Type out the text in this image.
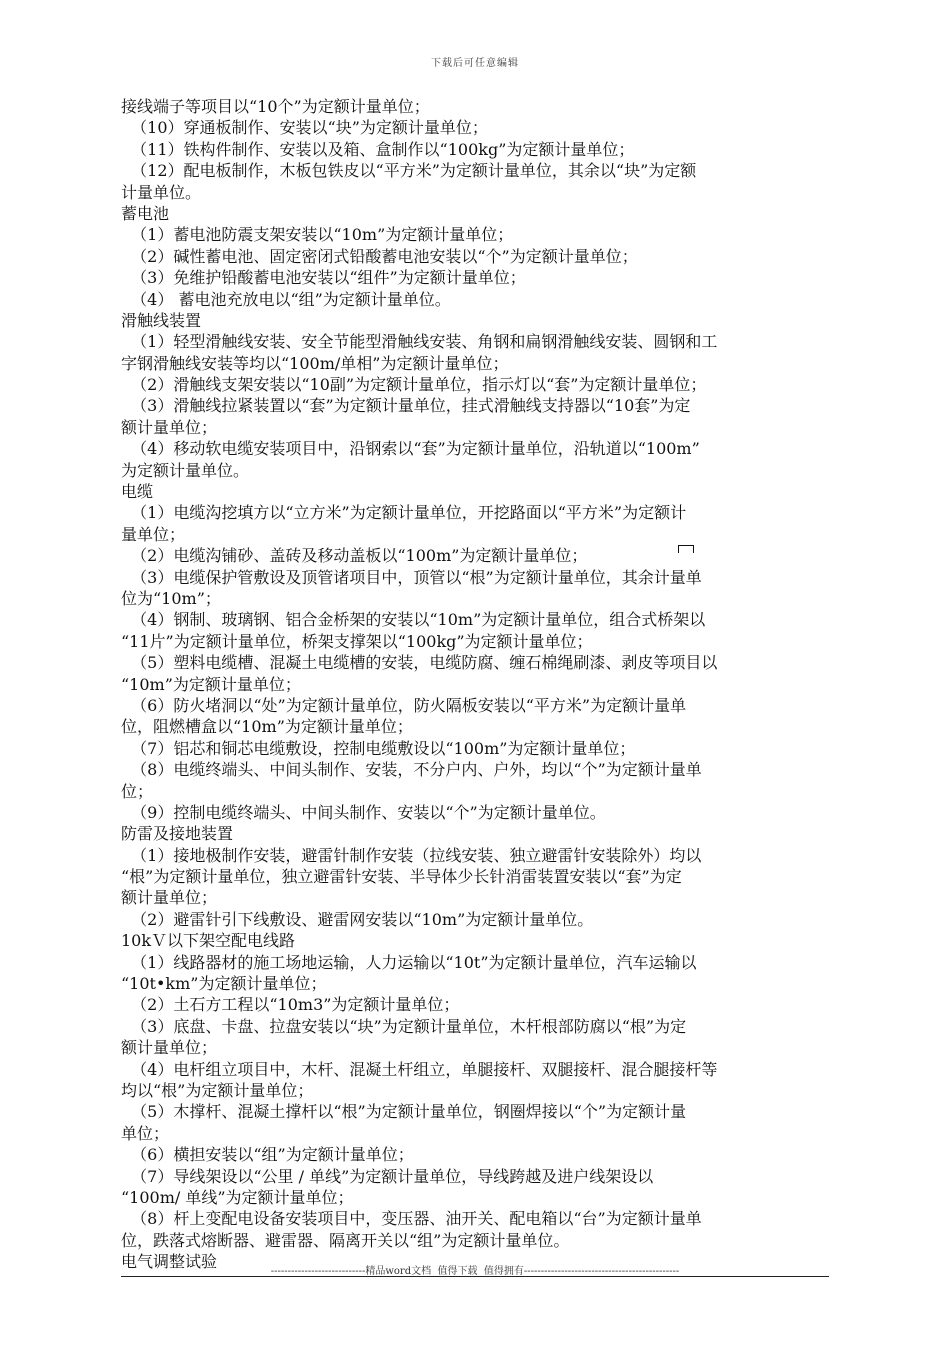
下载后可任意编辑
接线端子等项目以“10个”为定额计量单位；
（10）穿通板制作、安装以“块”为定额计量单位；
（11）铁构件制作、安装以及箱、盒制作以“100kg”为定额计量单位；
（12）配电板制作，木板包铁皮以“平方米”为定额计量单位，其余以“块”为定额
计量单位。
蓄电池
（1）蓄电池防震支架安装以“10m”为定额计量单位；
（2）碱性蓄电池、固定密闭式铅酸蓄电池安装以“个”为定额计量单位；
（3）免维护铅酸蓄电池安装以“组件”为定额计量单位；
（4） 蓄电池充放电以“组”为定额计量单位。
滑触线装置
（1）轻型滑触线安装、安全节能型滑触线安装、角钢和扁钢滑触线安装、圆钢和工
字钢滑触线安装等均以“100m/单相”为定额计量单位；
（2）滑触线支架安装以“10副”为定额计量单位，指示灯以“套”为定额计量单位；
（3）滑触线拉紧装置以“套”为定额计量单位，挂式滑触线支持器以“10套”为定
额计量单位；
（4）移动软电缆安装项目中，沿钢索以“套”为定额计量单位，沿轨道以“100m”
为定额计量单位。
电缆
（1）电缆沟挖填方以“立方米”为定额计量单位，开挖路面以“平方米”为定额计
量单位；
（2）电缆沟铺砂、盖砖及移动盖板以“100m”为定额计量单位；
（3）电缆保护管敷设及顶管诸项目中，顶管以“根”为定额计量单位，其余计量单
位为“10m”；
（4）钢制、玻璃钢、铝合金桥架的安装以“10m”为定额计量单位，组合式桥架以
“11片”为定额计量单位，桥架支撑架以“100kg”为定额计量单位；
（5）塑料电缆槽、混凝土电缆槽的安装，电缆防腐、缠石棉绳刷漆、剥皮等项目以
“10m”为定额计量单位；
（6）防火堵洞以“处”为定额计量单位，防火隔板安装以“平方米”为定额计量单
位，阻燃槽盒以“10m”为定额计量单位；
（7）铝芯和铜芯电缆敷设，控制电缆敷设以“100m”为定额计量单位；
（8）电缆终端头、中间头制作、安装，不分户内、户外，均以“个”为定额计量单
位；
（9）控制电缆终端头、中间头制作、安装以“个”为定额计量单位。
防雷及接地装置
（1）接地极制作安装，避雷针制作安装（拉线安装、独立避雷针安装除外）均以
“根”为定额计量单位，独立避雷针安装、半导体少长针消雷装置安装以“套”为定
额计量单位；
（2）避雷针引下线敷设、避雷网安装以“10m”为定额计量单位。
10kＶ以下架空配电线路
（1）线路器材的施工场地运输，人力运输以“10t”为定额计量单位，汽车运输以
“10t•km”为定额计量单位；
（2）土石方工程以“10m3”为定额计量单位；
（3）底盘、卡盘、拉盘安装以“块”为定额计量单位，木杆根部防腐以“根”为定
额计量单位；
（4）电杆组立项目中，木杆、混凝土杆组立，单腿接杆、双腿接杆、混合腿接杆等
均以“根”为定额计量单位；
（5）木撑杆、混凝土撑杆以“根”为定额计量单位，钢圈焊接以“个”为定额计量
单位；
（6）横担安装以“组”为定额计量单位；
（7）导线架设以“公里 / 单线”为定额计量单位，导线跨越及进户线架设以
“100m/ 单线”为定额计量单位；
（8）杆上变配电设备安装项目中，变压器、油开关、配电箱以“台”为定额计量单
位，跌落式熔断器、避雷器、隔离开关以“组”为定额计量单位。
电气调整试验
----------------------------精品word文档  值得下载  值得拥有----------------------------------------------
